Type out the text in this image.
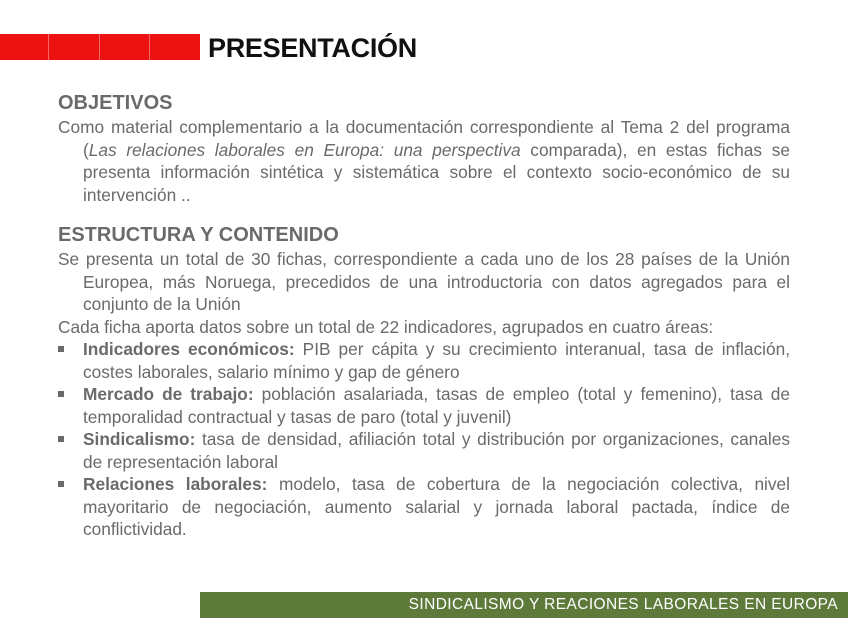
PRESENTACIÓN
OBJETIVOS

Como material complementario a la documentación correspondiente al Tema 2 del programa (Las relaciones laborales en Europa: una perspectiva comparada), en estas fichas se presenta información sintética y sistemática sobre el contexto socio-económico de su intervención ..

ESTRUCTURA Y CONTENIDO

Se presenta un total de 30 fichas, correspondiente a cada uno de los 28 países de la Unión Europea, más Noruega, precedidos de una introductoria con datos agregados para el conjunto de la Unión

Cada ficha aporta datos sobre un total de 22 indicadores, agrupados en cuatro áreas:

Indicadores económicos: PIB per cápita y su crecimiento interanual, tasa de inflación, costes laborales, salario mínimo y gap de género
Mercado de trabajo: población asalariada, tasas de empleo (total y femenino), tasa de temporalidad contractual y tasas de paro (total y juvenil)
Sindicalismo: tasa de densidad, afiliación total y distribución por organizaciones, canales de representación laboral
Relaciones laborales: modelo, tasa de cobertura de la negociación colectiva, nivel mayoritario de negociación, aumento salarial y jornada laboral pactada, índice de conflictividad.
SINDICALISMO Y REACIONES LABORALES EN EUROPA
